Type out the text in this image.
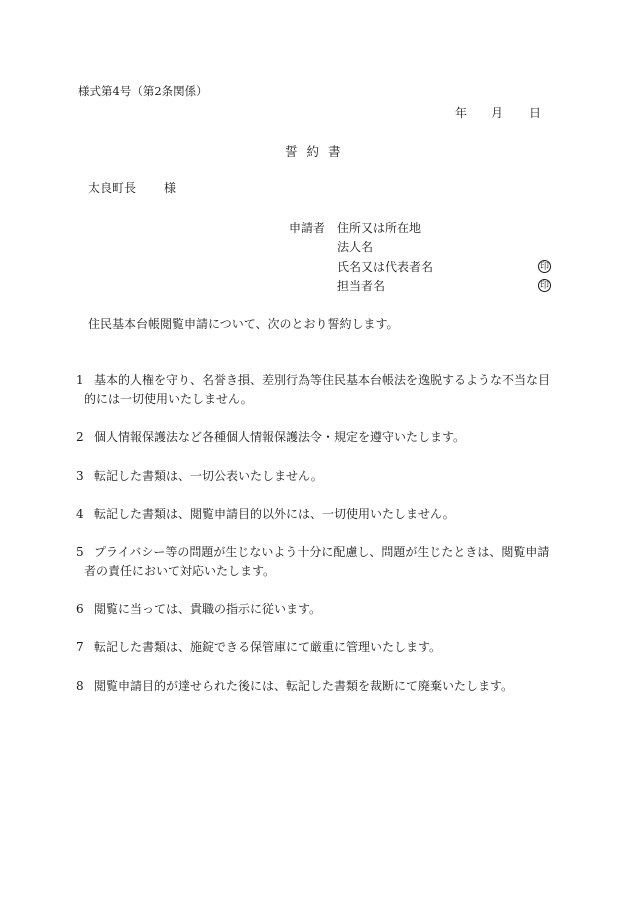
様式第4号（第2条関係）
年 月 日
誓約書
太良町長 様
申請者 住所又は所在地
法人名
氏名又は代表者名
担当者名
印
印
住民基本台帳閲覧申請について、次のとおり誓約します。
1 基本的人権を守り、名誉き損、差別行為等住民基本台帳法を逸脱するような不当な目
的には一切使用いたしません。
2 個人情報保護法など各種個人情報保護法令・規定を遵守いたします。
3 転記した書類は、一切公表いたしません。
4 転記した書類は、閲覧申請目的以外には、一切使用いたしません。
5 プライバシー等の問題が生じないよう十分に配慮し、問題が生じたときは、閲覧申請
者の責任において対応いたします。
6 閲覧に当っては、貴職の指示に従います。
7 転記した書類は、施錠できる保管庫にて厳重に管理いたします。
8 閲覧申請目的が達せられた後には、転記した書類を裁断にて廃棄いたします。
